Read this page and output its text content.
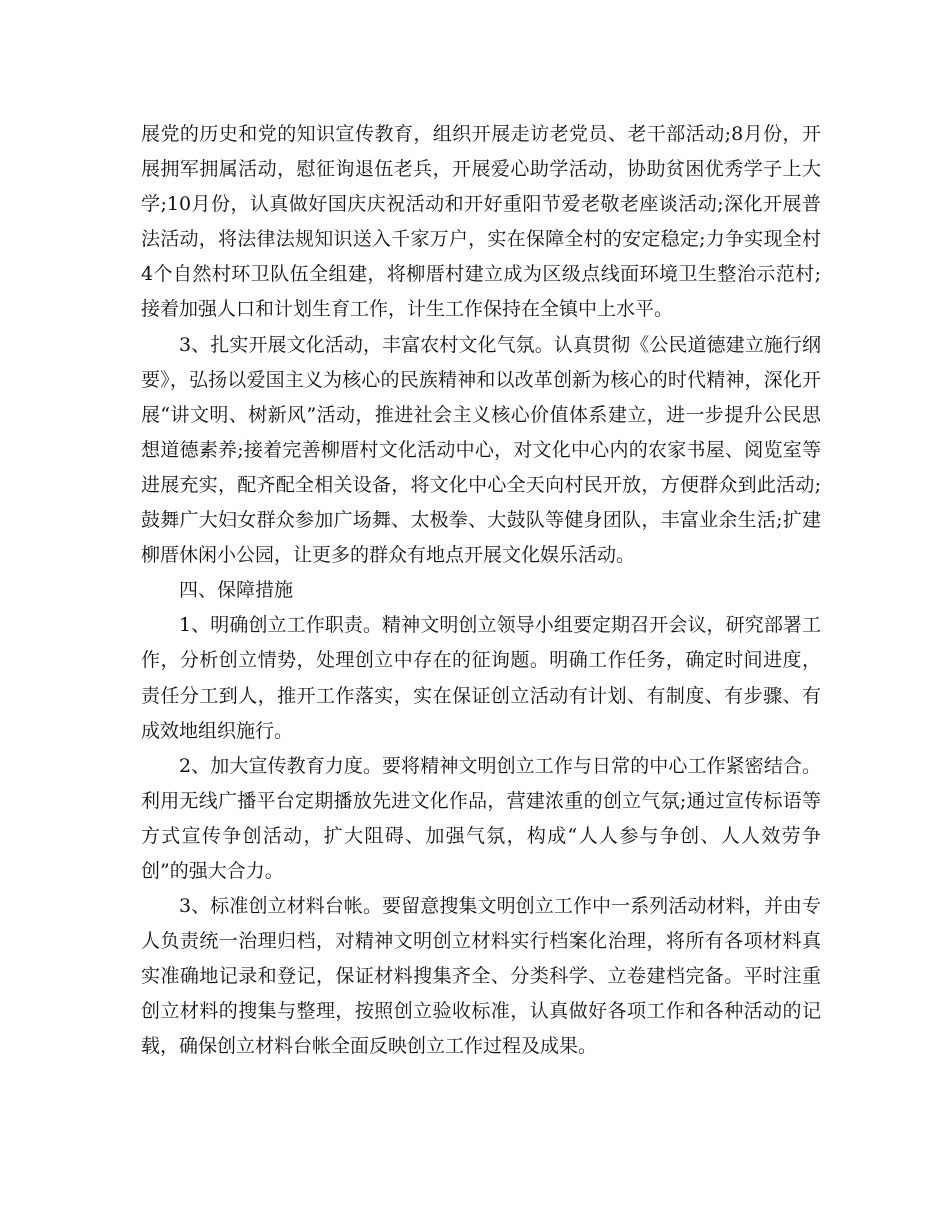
展党的历史和党的知识宣传教育，组织开展走访老党员、老干部活动;8月份，开展拥军拥属活动，慰征询退伍老兵，开展爱心助学活动，协助贫困优秀学子上大学;10月份，认真做好国庆庆祝活动和开好重阳节爱老敬老座谈活动;深化开展普法活动，将法律法规知识送入千家万户，实在保障全村的安定稳定;力争实现全村4个自然村环卫队伍全组建，将柳厝村建立成为区级点线面环境卫生整治示范村;接着加强人口和计划生育工作，计生工作保持在全镇中上水平。

3、扎实开展文化活动，丰富农村文化气氛。认真贯彻《公民道德建立施行纲要》，弘扬以爱国主义为核心的民族精神和以改革创新为核心的时代精神，深化开展“讲文明、树新风”活动，推进社会主义核心价值体系建立，进一步提升公民思想道德素养;接着完善柳厝村文化活动中心，对文化中心内的农家书屋、阅览室等进展充实，配齐配全相关设备，将文化中心全天向村民开放，方便群众到此活动;鼓舞广大妇女群众参加广场舞、太极拳、大鼓队等健身团队，丰富业余生活;扩建柳厝休闲小公园，让更多的群众有地点开展文化娱乐活动。

四、保障措施

1、明确创立工作职责。精神文明创立领导小组要定期召开会议，研究部署工作，分析创立情势，处理创立中存在的征询题。明确工作任务，确定时间进度，责任分工到人，推开工作落实，实在保证创立活动有计划、有制度、有步骤、有成效地组织施行。

2、加大宣传教育力度。要将精神文明创立工作与日常的中心工作紧密结合。利用无线广播平台定期播放先进文化作品，营建浓重的创立气氛;通过宣传标语等方式宣传争创活动，扩大阻碍、加强气氛，构成“人人参与争创、人人效劳争创”的强大合力。

3、标准创立材料台帐。要留意搜集文明创立工作中一系列活动材料，并由专人负责统一治理归档，对精神文明创立材料实行档案化治理，将所有各项材料真实准确地记录和登记，保证材料搜集齐全、分类科学、立卷建档完备。平时注重创立材料的搜集与整理，按照创立验收标准，认真做好各项工作和各种活动的记载，确保创立材料台帐全面反映创立工作过程及成果。
